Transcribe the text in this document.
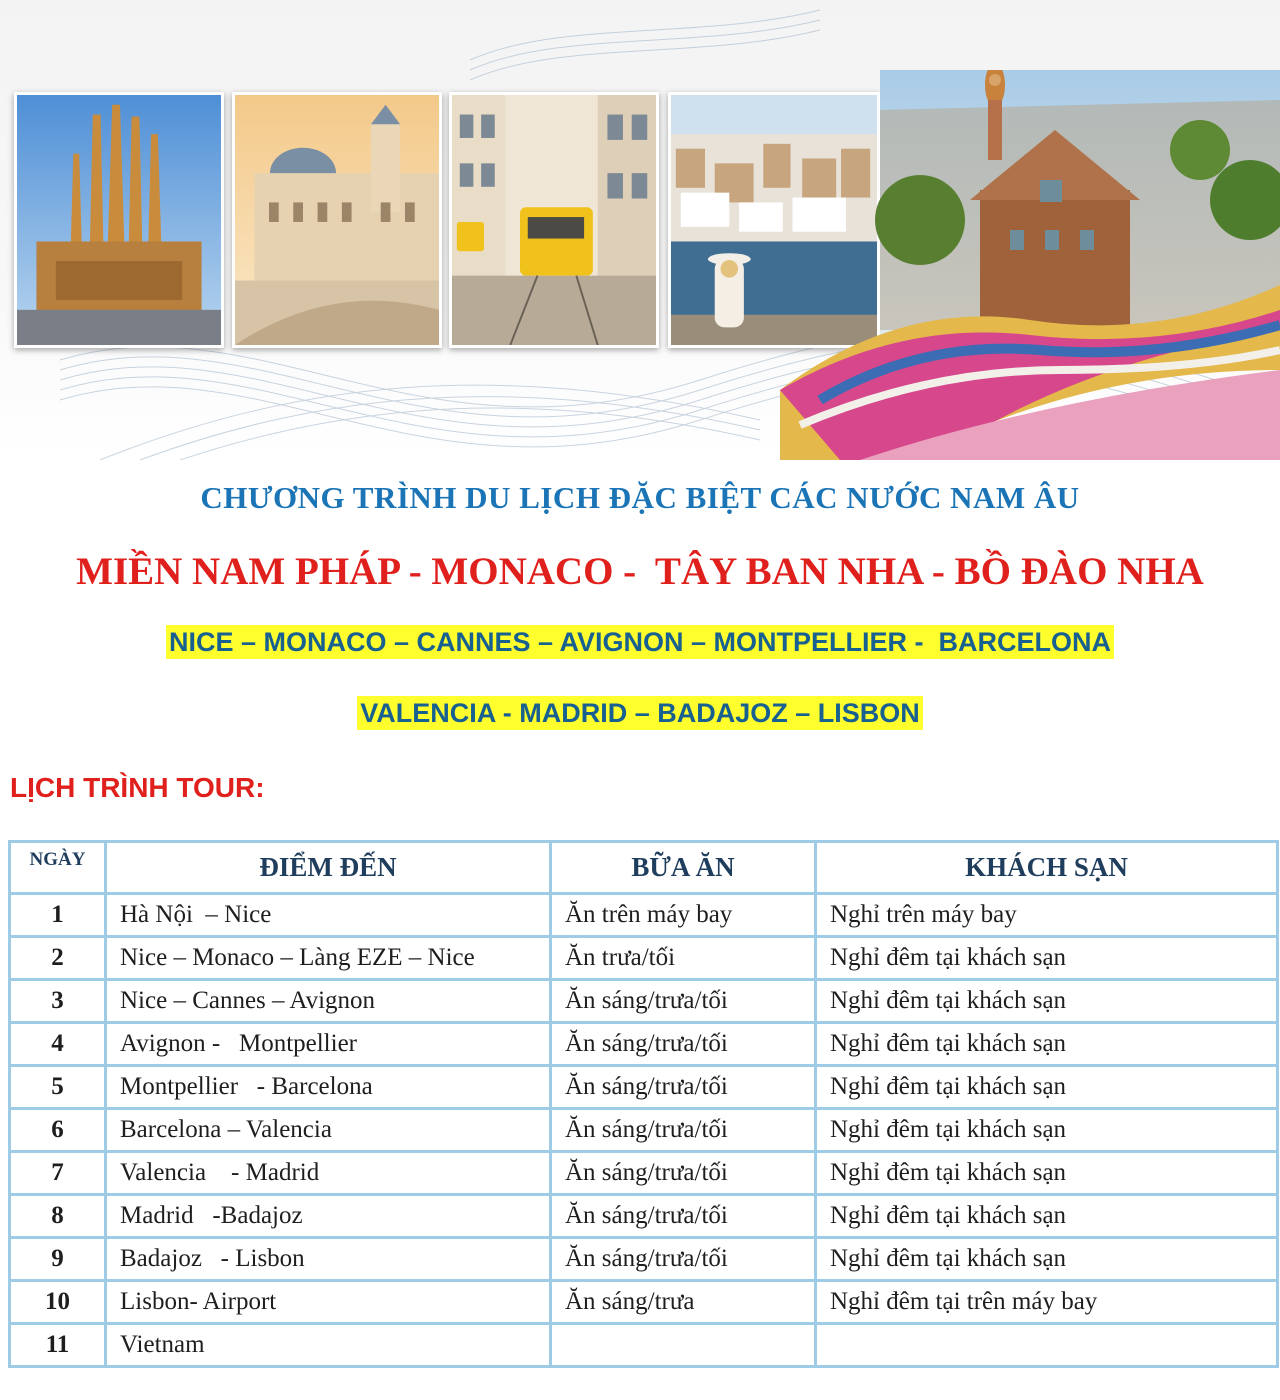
CHƯƠNG TRÌNH DU LỊCH ĐẶC BIỆT CÁC NƯỚC NAM ÂU
MIỀN NAM PHÁP - MONACO -  TÂY BAN NHA - BỒ ĐÀO NHA
NICE – MONACO – CANNES – AVIGNON – MONTPELLIER -  BARCELONA
VALENCIA - MADRID – BADAJOZ – LISBON
LỊCH TRÌNH TOUR:
NGÀY	ĐIỂM ĐẾN	BỮA ĂN	KHÁCH SẠN
1	Hà Nội  – Nice	Ăn trên máy bay	Nghỉ trên máy bay
2	Nice – Monaco – Làng EZE – Nice	Ăn trưa/tối	Nghỉ đêm tại khách sạn
3	Nice – Cannes – Avignon	Ăn sáng/trưa/tối	Nghỉ đêm tại khách sạn
4	Avignon -   Montpellier	Ăn sáng/trưa/tối	Nghỉ đêm tại khách sạn
5	Montpellier   - Barcelona	Ăn sáng/trưa/tối	Nghỉ đêm tại khách sạn
6	Barcelona – Valencia	Ăn sáng/trưa/tối	Nghỉ đêm tại khách sạn
7	Valencia    - Madrid	Ăn sáng/trưa/tối	Nghỉ đêm tại khách sạn
8	Madrid   -Badajoz	Ăn sáng/trưa/tối	Nghỉ đêm tại khách sạn
9	Badajoz   - Lisbon	Ăn sáng/trưa/tối	Nghỉ đêm tại khách sạn
10	Lisbon- Airport	Ăn sáng/trưa	Nghỉ đêm tại trên máy bay
11	Vietnam		
